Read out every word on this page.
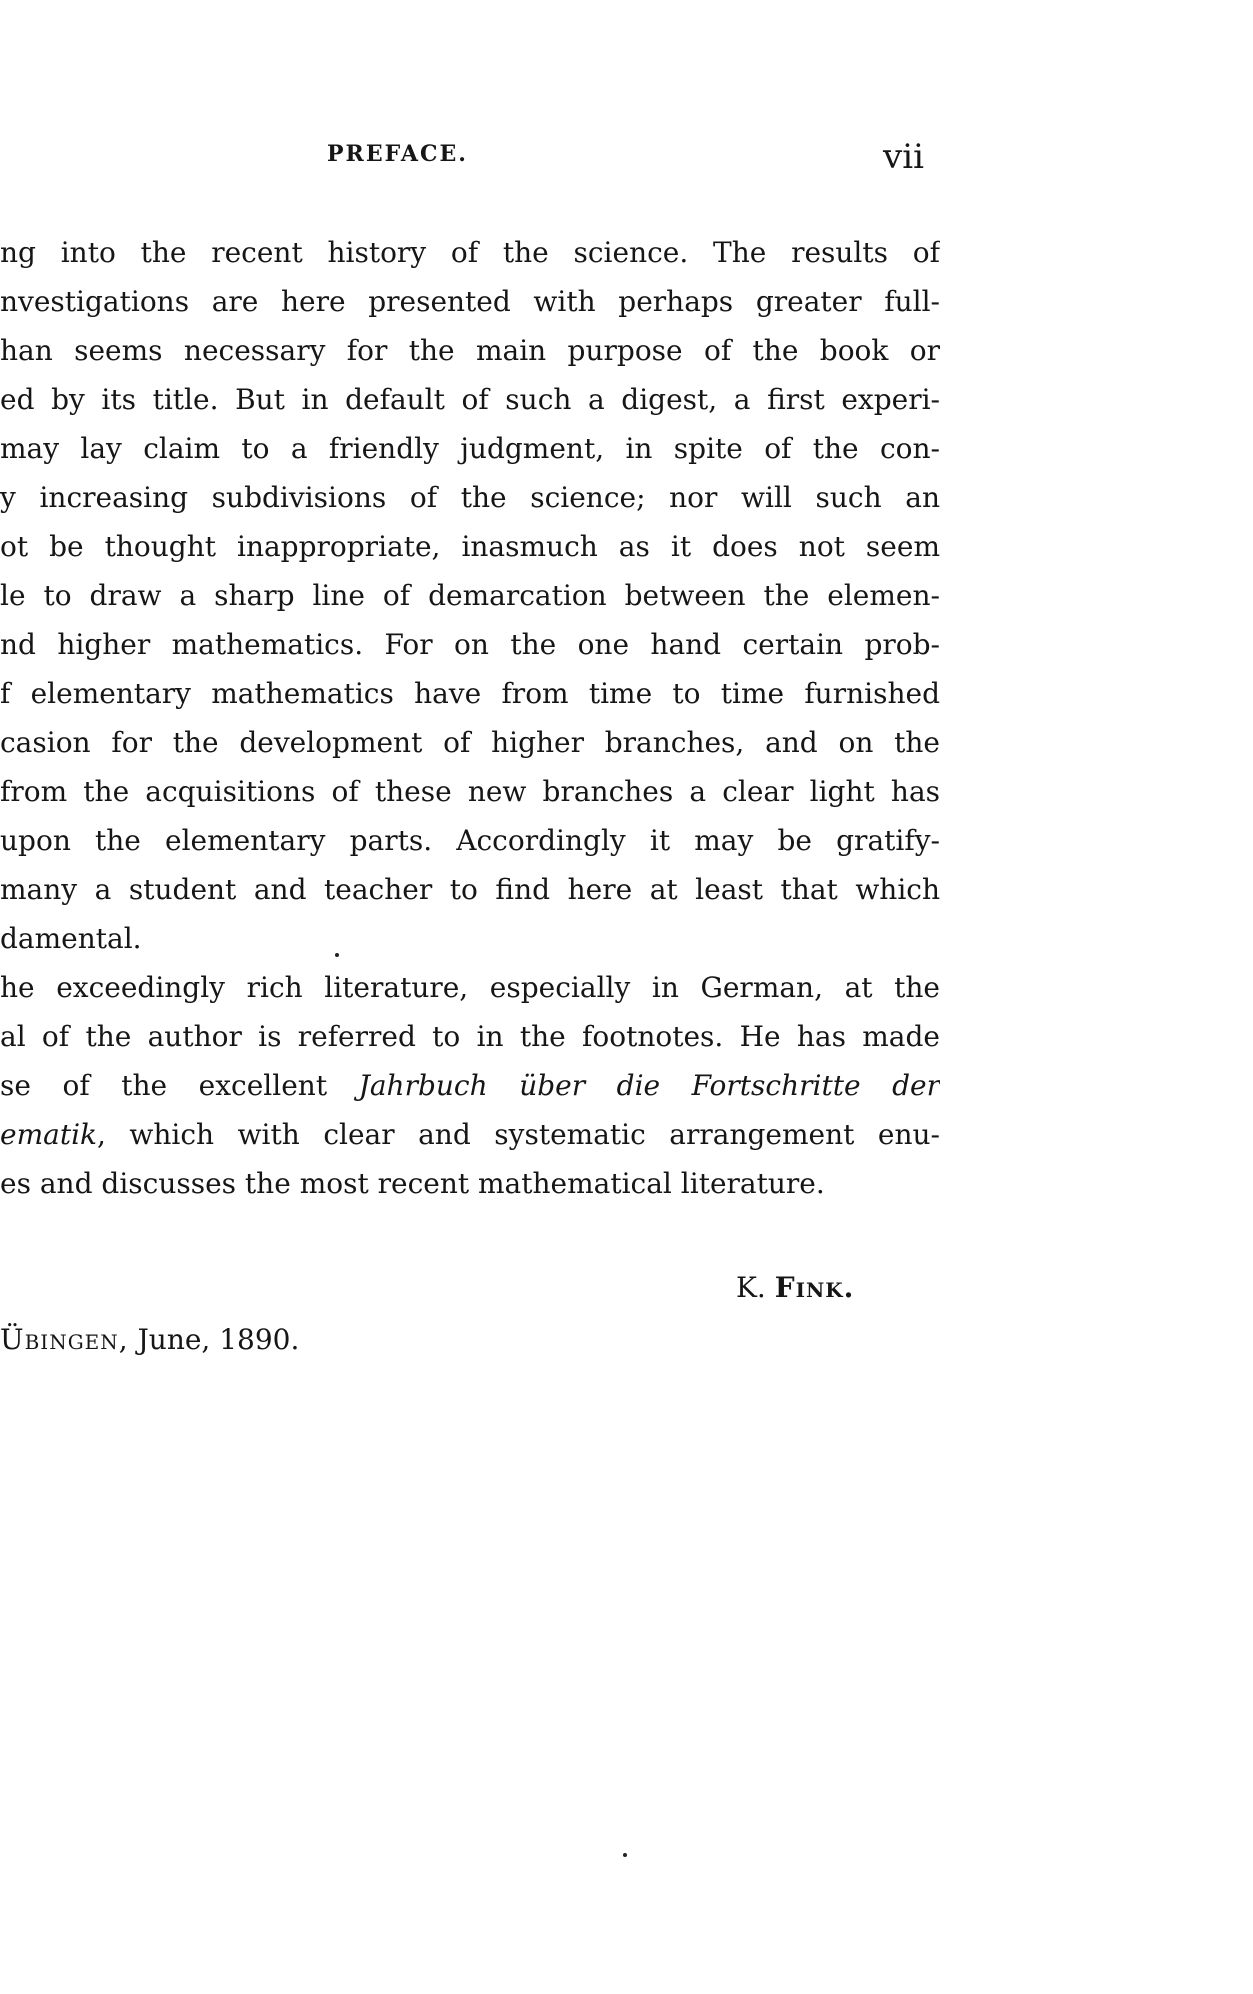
PREFACE.	vii
ng into the recent history of the science. The results of
nvestigations are here presented with perhaps greater full-
han seems necessary for the main purpose of the book or
ed by its title. But in default of such a digest, a first experi-
may lay claim to a friendly judgment, in spite of the con-
y increasing subdivisions of the science; nor will such an
ot be thought inappropriate, inasmuch as it does not seem
le to draw a sharp line of demarcation between the elemen-
nd higher mathematics. For on the one hand certain prob-
f elementary mathematics have from time to time furnished
casion for the development of higher branches, and on the
from the acquisitions of these new branches a clear light has
upon the elementary parts. Accordingly it may be gratify-
many a student and teacher to find here at least that which
damental.
he exceedingly rich literature, especially in German, at the
al of the author is referred to in the footnotes. He has made
se of the excellent Jahrbuch über die Fortschritte der
ematik, which with clear and systematic arrangement enu-
es and discusses the most recent mathematical literature.
K. Fink.
Übingen, June, 1890.
